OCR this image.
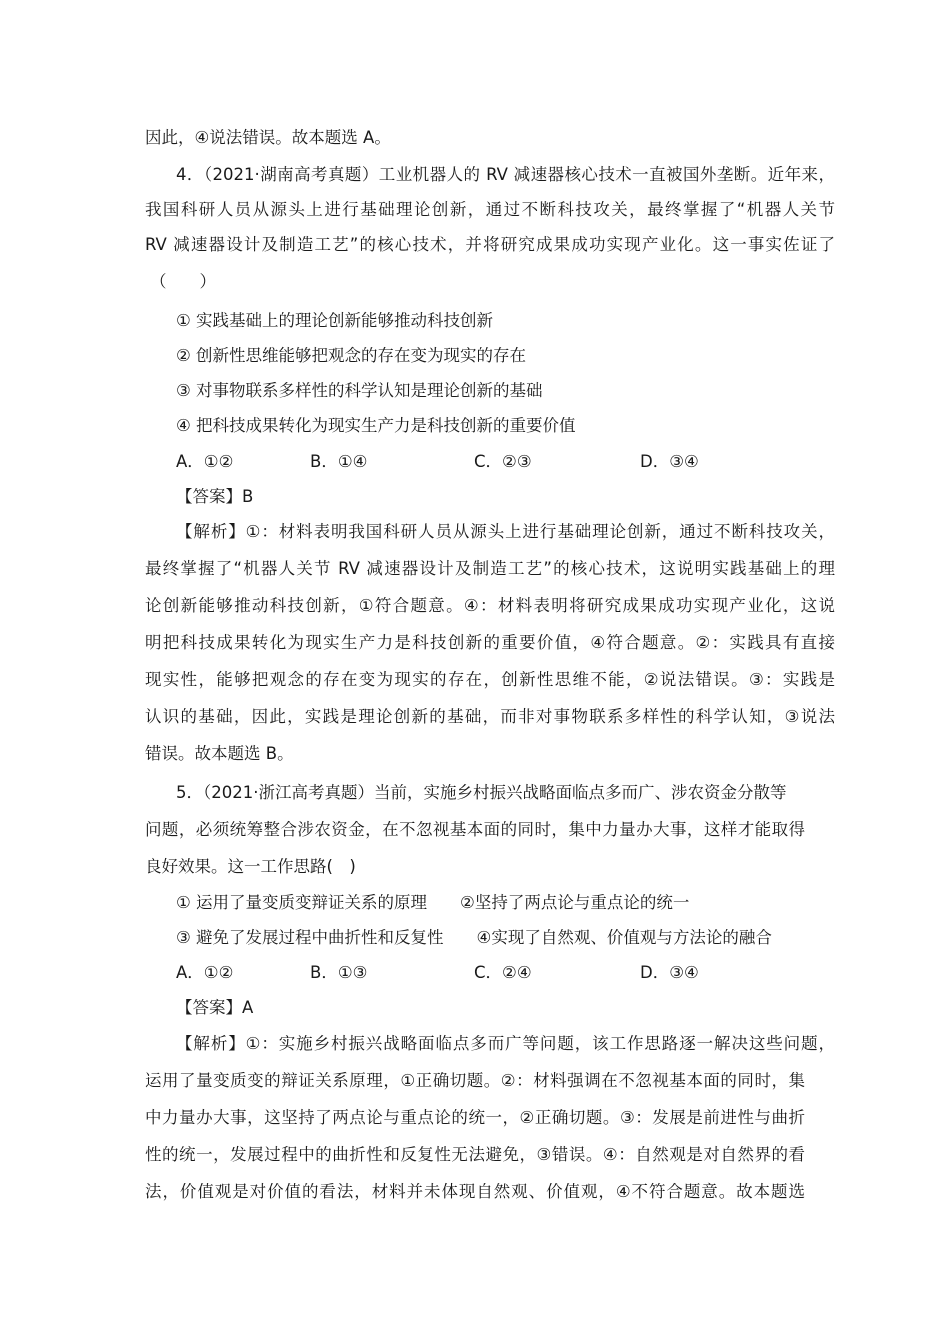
因此，④说法错误。故本题选 A。
4．（2021·湖南高考真题）工业机器人的 RV 减速器核心技术一直被国外垄断。近年来，
我国科研人员从源头上进行基础理论创新，通过不断科技攻关，最终掌握了“机器人关节
RV 减速器设计及制造工艺”的核心技术，并将研究成果成功实现产业化。这一事实佐证了
（　　）
① 实践基础上的理论创新能够推动科技创新
② 创新性思维能够把观念的存在变为现实的存在
③ 对事物联系多样性的科学认知是理论创新的基础
④ 把科技成果转化为现实生产力是科技创新的重要价值
A．①②	B．①④	C．②③	D．③④
【答案】B
【解析】①：材料表明我国科研人员从源头上进行基础理论创新，通过不断科技攻关，
最终掌握了“机器人关节 RV 减速器设计及制造工艺”的核心技术，这说明实践基础上的理
论创新能够推动科技创新，①符合题意。④：材料表明将研究成果成功实现产业化，这说
明把科技成果转化为现实生产力是科技创新的重要价值，④符合题意。②：实践具有直接
现实性，能够把观念的存在变为现实的存在，创新性思维不能，②说法错误。③：实践是
认识的基础，因此，实践是理论创新的基础，而非对事物联系多样性的科学认知，③说法
错误。故本题选 B。
5．（2021·浙江高考真题）当前，实施乡村振兴战略面临点多而广、涉农资金分散等
问题，必须统筹整合涉农资金，在不忽视基本面的同时，集中力量办大事，这样才能取得
良好效果。这一工作思路(　)
① 运用了量变质变辩证关系的原理　　②坚持了两点论与重点论的统一
③ 避免了发展过程中曲折性和反复性　　④实现了自然观、价值观与方法论的融合
A．①②	B．①③	C．②④	D．③④
【答案】A
【解析】①：实施乡村振兴战略面临点多而广等问题，该工作思路逐一解决这些问题，
运用了量变质变的辩证关系原理，①正确切题。②：材料强调在不忽视基本面的同时，集
中力量办大事，这坚持了两点论与重点论的统一，②正确切题。③：发展是前进性与曲折
性的统一，发展过程中的曲折性和反复性无法避免，③错误。④：自然观是对自然界的看
法，价值观是对价值的看法，材料并未体现自然观、价值观，④不符合题意。故本题选
